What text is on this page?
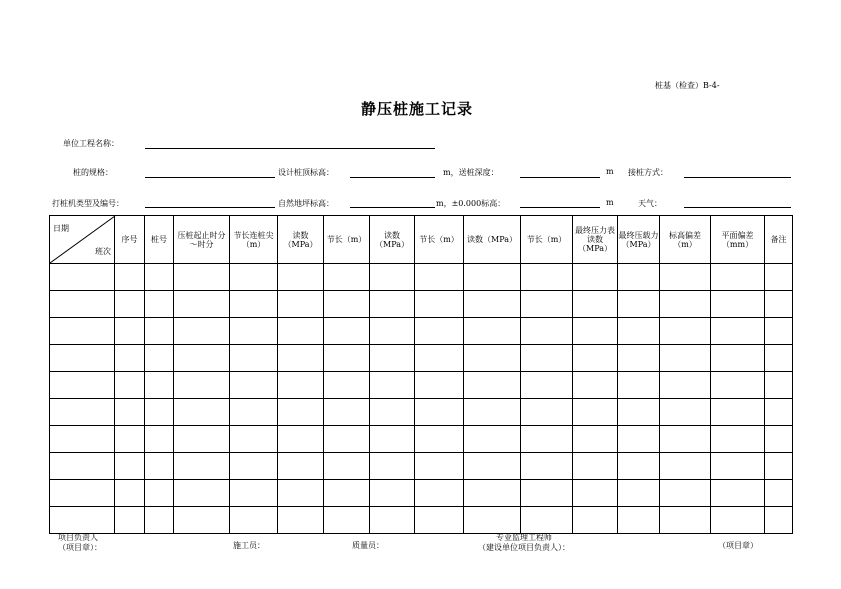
桩基（检查）B-4-
静压桩施工记录
单位工程名称：
桩的规格：	设计桩顶标高：	m，送桩深度：	m 接桩方式：
打桩机类型及编号：	自然地坪标高：	m，±0.000标高：	m	天气：
日期
班次	序号	桩号	压桩起止时分～时分	节长连桩尖（m）	读数（MPa）	节长（m）	读数（MPa）	节长（m）	读数（MPa）	节长（m）	最终压力表读数（MPa）	最终压载力（MPa）	标高偏差（m）	平面偏差（mm）	备注

项目负责人
（项目章）：	施工员：	质量员：
专业监理工程师
（建设单位项目负责人）：	（项目章）
